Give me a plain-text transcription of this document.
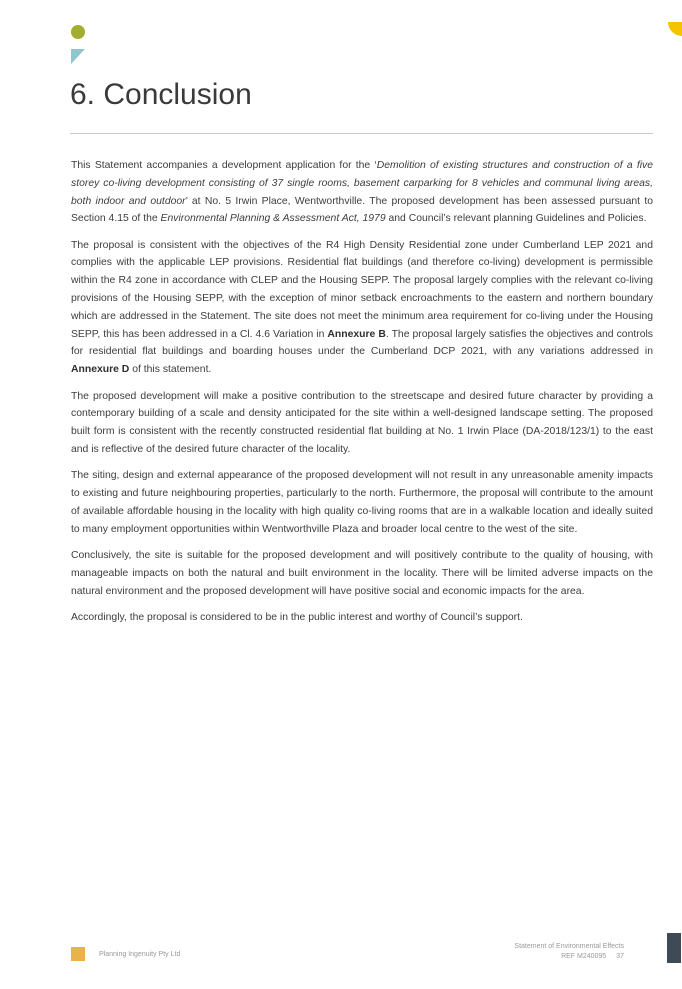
6. Conclusion

This Statement accompanies a development application for the ‘Demolition of existing structures and construction of a five storey co-living development consisting of 37 single rooms, basement carparking for 8 vehicles and communal living areas, both indoor and outdoor’ at No. 5 Irwin Place, Wentworthville. The proposed development has been assessed pursuant to Section 4.15 of the Environmental Planning & Assessment Act, 1979 and Council’s relevant planning Guidelines and Policies.

The proposal is consistent with the objectives of the R4 High Density Residential zone under Cumberland LEP 2021 and complies with the applicable LEP provisions. Residential flat buildings (and therefore co-living) development is permissible within the R4 zone in accordance with CLEP and the Housing SEPP. The proposal largely complies with the relevant co-living provisions of the Housing SEPP, with the exception of minor setback encroachments to the eastern and northern boundary which are addressed in the Statement. The site does not meet the minimum area requirement for co-living under the Housing SEPP, this has been addressed in a Cl. 4.6 Variation in Annexure B. The proposal largely satisfies the objectives and controls for residential flat buildings and boarding houses under the Cumberland DCP 2021, with any variations addressed in Annexure D of this statement.

The proposed development will make a positive contribution to the streetscape and desired future character by providing a contemporary building of a scale and density anticipated for the site within a well-designed landscape setting. The proposed built form is consistent with the recently constructed residential flat building at No. 1 Irwin Place (DA-2018/123/1) to the east and is reflective of the desired future character of the locality.

The siting, design and external appearance of the proposed development will not result in any unreasonable amenity impacts to existing and future neighbouring properties, particularly to the north. Furthermore, the proposal will contribute to the amount of available affordable housing in the locality with high quality co-living rooms that are in a walkable location and ideally suited to many employment opportunities within Wentworthville Plaza and broader local centre to the west of the site.

Conclusively, the site is suitable for the proposed development and will positively contribute to the quality of housing, with manageable impacts on both the natural and built environment in the locality. There will be limited adverse impacts on the natural environment and the proposed development will have positive social and economic impacts for the area.

Accordingly, the proposal is considered to be in the public interest and worthy of Council’s support.

Planning Ingenuity Pty Ltd
Statement of Environmental Effects
REF M240095 37
